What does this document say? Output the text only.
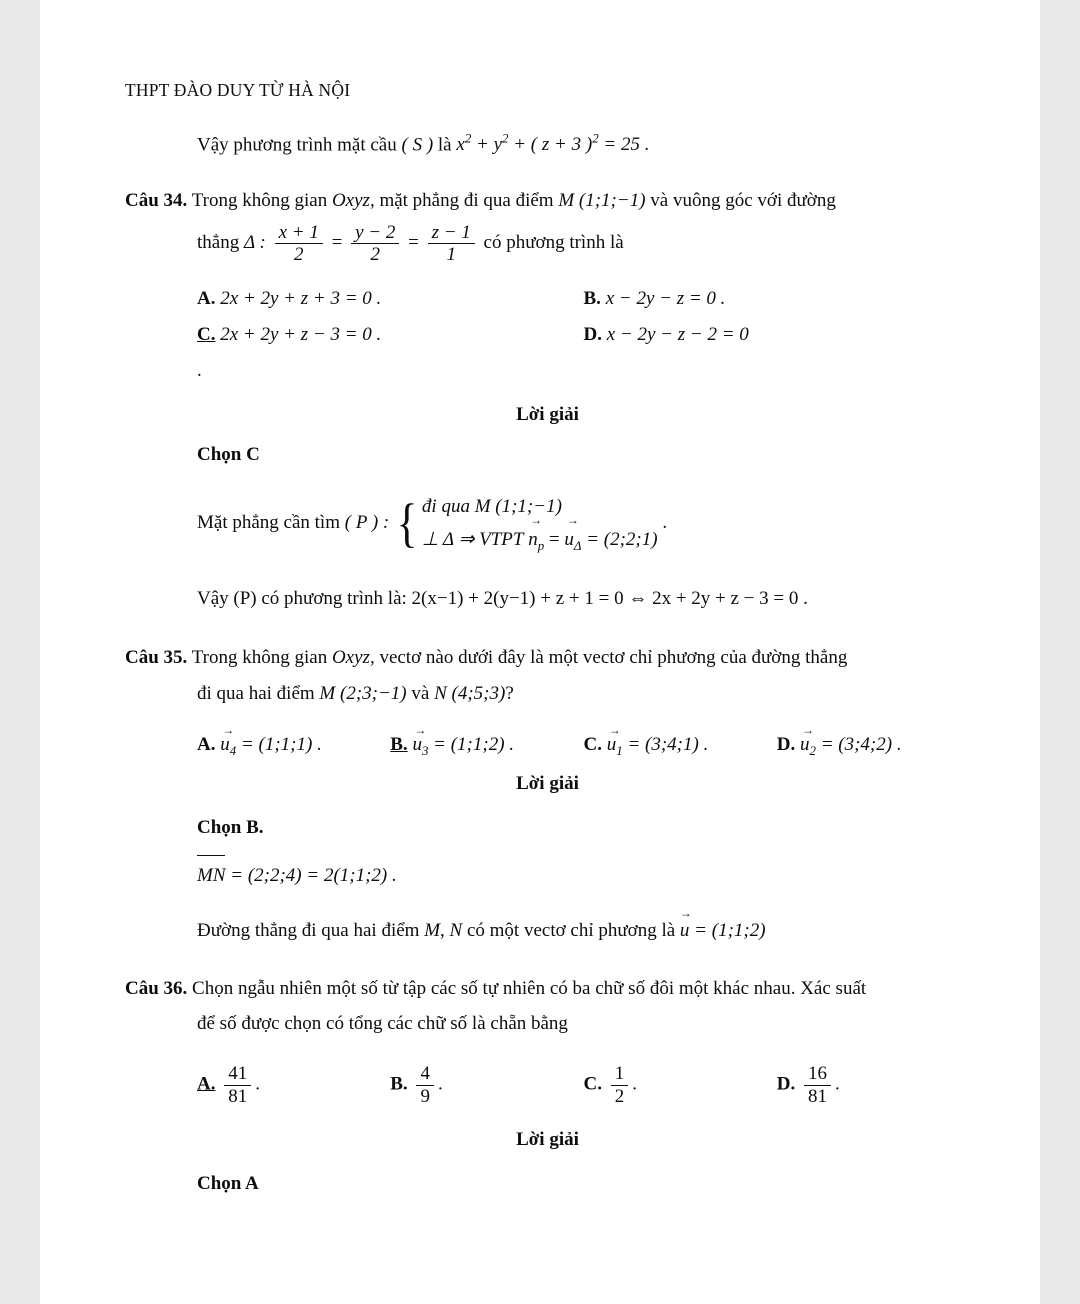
THPT ĐÀO DUY TỪ HÀ NỘI
Vậy phương trình mặt cầu ( S ) là $x^2 + y^2$ + ( z + 3 )$^2$ = 25 .
Câu 34. Trong không gian Oxyz, mặt phẳng đi qua điểm M (1;1;−1) và vuông góc với đường
thẳng Δ : $\frac{x + 1}{2} = \frac{y - 2}{2} = \frac{z - 1}{1}$ có phương trình là
A. 2x + 2y + z + 3 = 0 .	B. x − 2y − z = 0 .
C. 2x + 2y + z − 3 = 0 .	D. x − 2y − z − 2 = 0
.
Lời giải
Chọn C
Mặt phẳng cần tìm ( P ) : { đi qua M (1;1;−1)
⊥ Δ ⇒ VTPT $n_p$ → = $u_\Delta$ → = (2;2;1)
.
Vậy (P) có phương trình là: 2(x−1) + 2(y−1) + z + 1 = 0 ⇔ 2x + 2y + z − 3 = 0 .
Câu 35. Trong không gian Oxyz, vectơ nào dưới đây là một vectơ chỉ phương của đường thẳng
đi qua hai điểm M (2;3;−1) và N (4;5;3)?
A. $u_4$ → = (1;1;1) .	B. $u_3$ → = (1;1;2) .	C. $u_1$ → = (3;4;1) .	D. $u_2$ → = (3;4;2) .
Lời giải
Chọn B.
MN = (2;2;4) = 2(1;1;2) .
Đường thẳng đi qua hai điểm M, N có một vectơ chỉ phương là u → = (1;1;2)
Câu 36. Chọn ngẫu nhiên một số từ tập các số tự nhiên có ba chữ số đôi một khác nhau. Xác suất
để số được chọn có tổng các chữ số là chẵn bằng
A. $\frac{41}{81}$ .	B. $\frac{4}{9}$ .	C. $\frac{1}{2}$ .	D. $\frac{16}{81}$ .
Lời giải
Chọn A
